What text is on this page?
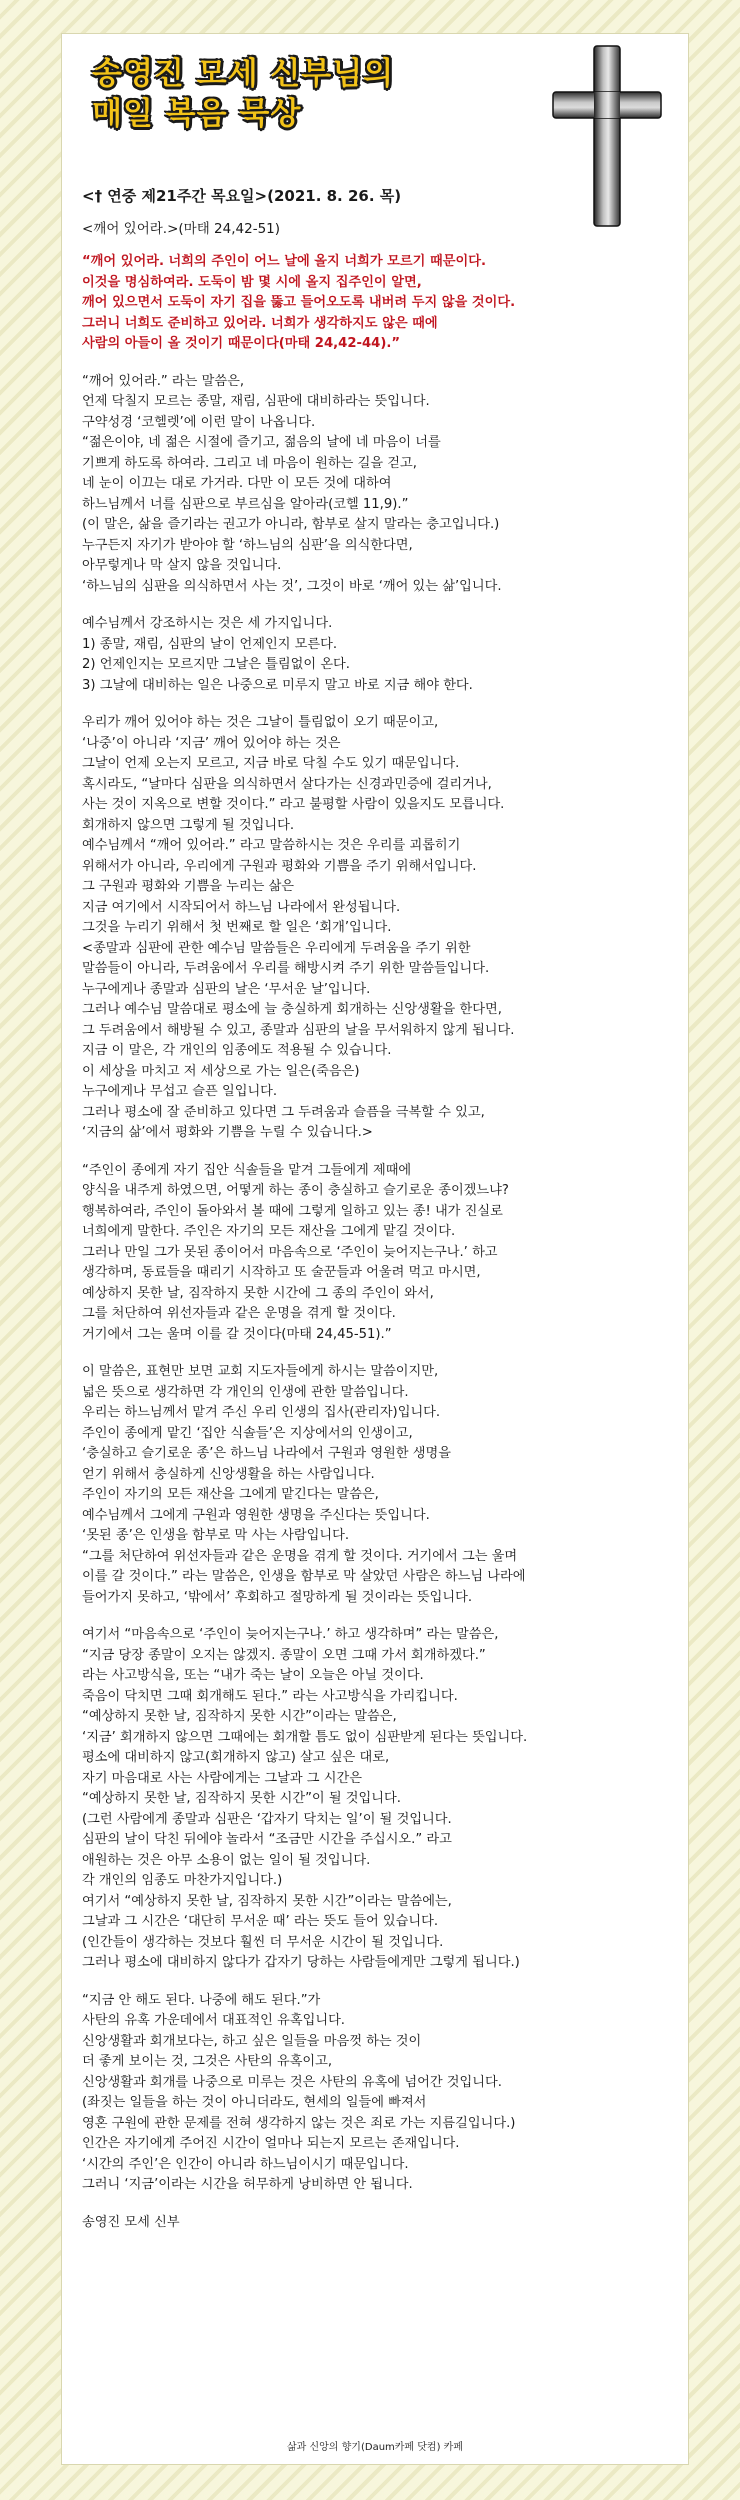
송영진 모세 신부님의
매일 복음 묵상
<† 연중 제21주간 목요일>(2021. 8. 26. 목)
<깨어 있어라.>(마태 24,42-51)
“깨어 있어라. 너희의 주인이 어느 날에 올지 너희가 모르기 때문이다.
이것을 명심하여라. 도둑이 밤 몇 시에 올지 집주인이 알면,
깨어 있으면서 도둑이 자기 집을 뚫고 들어오도록 내버려 두지 않을 것이다.
그러니 너희도 준비하고 있어라. 너희가 생각하지도 않은 때에
사람의 아들이 올 것이기 때문이다(마태 24,42-44).”
“깨어 있어라.” 라는 말씀은,
언제 닥칠지 모르는 종말, 재림, 심판에 대비하라는 뜻입니다.
구약성경 ‘코헬렛’에 이런 말이 나옵니다.
“젊은이야, 네 젊은 시절에 즐기고, 젊음의 날에 네 마음이 너를
기쁘게 하도록 하여라. 그리고 네 마음이 원하는 길을 걷고,
네 눈이 이끄는 대로 가거라. 다만 이 모든 것에 대하여
하느님께서 너를 심판으로 부르심을 알아라(코헬 11,9).”
(이 말은, 삶을 즐기라는 권고가 아니라, 함부로 살지 말라는 충고입니다.)
누구든지 자기가 받아야 할 ‘하느님의 심판’을 의식한다면,
아무렇게나 막 살지 않을 것입니다.
‘하느님의 심판을 의식하면서 사는 것’, 그것이 바로 ‘깨어 있는 삶’입니다.
예수님께서 강조하시는 것은 세 가지입니다.
1) 종말, 재림, 심판의 날이 언제인지 모른다.
2) 언제인지는 모르지만 그날은 틀림없이 온다.
3) 그날에 대비하는 일은 나중으로 미루지 말고 바로 지금 해야 한다.
우리가 깨어 있어야 하는 것은 그날이 틀림없이 오기 때문이고,
‘나중’이 아니라 ‘지금’ 깨어 있어야 하는 것은
그날이 언제 오는지 모르고, 지금 바로 닥칠 수도 있기 때문입니다.
혹시라도, “날마다 심판을 의식하면서 살다가는 신경과민증에 걸리거나,
사는 것이 지옥으로 변할 것이다.” 라고 불평할 사람이 있을지도 모릅니다.
회개하지 않으면 그렇게 될 것입니다.
예수님께서 “깨어 있어라.” 라고 말씀하시는 것은 우리를 괴롭히기
위해서가 아니라, 우리에게 구원과 평화와 기쁨을 주기 위해서입니다.
그 구원과 평화와 기쁨을 누리는 삶은
지금 여기에서 시작되어서 하느님 나라에서 완성됩니다.
그것을 누리기 위해서 첫 번째로 할 일은 ‘회개’입니다.
<종말과 심판에 관한 예수님 말씀들은 우리에게 두려움을 주기 위한
말씀들이 아니라, 두려움에서 우리를 해방시켜 주기 위한 말씀들입니다.
누구에게나 종말과 심판의 날은 ‘무서운 날’입니다.
그러나 예수님 말씀대로 평소에 늘 충실하게 회개하는 신앙생활을 한다면,
그 두려움에서 해방될 수 있고, 종말과 심판의 날을 무서워하지 않게 됩니다.
지금 이 말은, 각 개인의 임종에도 적용될 수 있습니다.
이 세상을 마치고 저 세상으로 가는 일은(죽음은)
누구에게나 무섭고 슬픈 일입니다.
그러나 평소에 잘 준비하고 있다면 그 두려움과 슬픔을 극복할 수 있고,
‘지금의 삶’에서 평화와 기쁨을 누릴 수 있습니다.>
“주인이 종에게 자기 집안 식솔들을 맡겨 그들에게 제때에
양식을 내주게 하였으면, 어떻게 하는 종이 충실하고 슬기로운 종이겠느냐?
행복하여라, 주인이 돌아와서 볼 때에 그렇게 일하고 있는 종! 내가 진실로
너희에게 말한다. 주인은 자기의 모든 재산을 그에게 맡길 것이다.
그러나 만일 그가 못된 종이어서 마음속으로 ‘주인이 늦어지는구나.’ 하고
생각하며, 동료들을 때리기 시작하고 또 술꾼들과 어울려 먹고 마시면,
예상하지 못한 날, 짐작하지 못한 시간에 그 종의 주인이 와서,
그를 처단하여 위선자들과 같은 운명을 겪게 할 것이다.
거기에서 그는 울며 이를 갈 것이다(마태 24,45-51).”
이 말씀은, 표현만 보면 교회 지도자들에게 하시는 말씀이지만,
넓은 뜻으로 생각하면 각 개인의 인생에 관한 말씀입니다.
우리는 하느님께서 맡겨 주신 우리 인생의 집사(관리자)입니다.
주인이 종에게 맡긴 ‘집안 식솔들’은 지상에서의 인생이고,
‘충실하고 슬기로운 종’은 하느님 나라에서 구원과 영원한 생명을
얻기 위해서 충실하게 신앙생활을 하는 사람입니다.
주인이 자기의 모든 재산을 그에게 맡긴다는 말씀은,
예수님께서 그에게 구원과 영원한 생명을 주신다는 뜻입니다.
‘못된 종’은 인생을 함부로 막 사는 사람입니다.
“그를 처단하여 위선자들과 같은 운명을 겪게 할 것이다. 거기에서 그는 울며
이를 갈 것이다.” 라는 말씀은, 인생을 함부로 막 살았던 사람은 하느님 나라에
들어가지 못하고, ‘밖에서’ 후회하고 절망하게 될 것이라는 뜻입니다.
여기서 “마음속으로 ‘주인이 늦어지는구나.’ 하고 생각하며” 라는 말씀은,
“지금 당장 종말이 오지는 않겠지. 종말이 오면 그때 가서 회개하겠다.”
라는 사고방식을, 또는 “내가 죽는 날이 오늘은 아닐 것이다.
죽음이 닥치면 그때 회개해도 된다.” 라는 사고방식을 가리킵니다.
“예상하지 못한 날, 짐작하지 못한 시간”이라는 말씀은,
‘지금’ 회개하지 않으면 그때에는 회개할 틈도 없이 심판받게 된다는 뜻입니다.
평소에 대비하지 않고(회개하지 않고) 살고 싶은 대로,
자기 마음대로 사는 사람에게는 그날과 그 시간은
“예상하지 못한 날, 짐작하지 못한 시간”이 될 것입니다.
(그런 사람에게 종말과 심판은 ‘갑자기 닥치는 일’이 될 것입니다.
심판의 날이 닥친 뒤에야 놀라서 “조금만 시간을 주십시오.” 라고
애원하는 것은 아무 소용이 없는 일이 될 것입니다.
각 개인의 임종도 마찬가지입니다.)
여기서 “예상하지 못한 날, 짐작하지 못한 시간”이라는 말씀에는,
그날과 그 시간은 ‘대단히 무서운 때’ 라는 뜻도 들어 있습니다.
(인간들이 생각하는 것보다 훨씬 더 무서운 시간이 될 것입니다.
그러나 평소에 대비하지 않다가 갑자기 당하는 사람들에게만 그렇게 됩니다.)
“지금 안 해도 된다. 나중에 해도 된다.”가
사탄의 유혹 가운데에서 대표적인 유혹입니다.
신앙생활과 회개보다는, 하고 싶은 일들을 마음껏 하는 것이
더 좋게 보이는 것, 그것은 사탄의 유혹이고,
신앙생활과 회개를 나중으로 미루는 것은 사탄의 유혹에 넘어간 것입니다.
(좌짓는 일들을 하는 것이 아니더라도, 현세의 일들에 빠져서
영혼 구원에 관한 문제를 전혀 생각하지 않는 것은 죄로 가는 지름길입니다.)
인간은 자기에게 주어진 시간이 얼마나 되는지 모르는 존재입니다.
‘시간의 주인’은 인간이 아니라 하느님이시기 때문입니다.
그러니 ‘지금’이라는 시간을 허무하게 낭비하면 안 됩니다.
송영진 모세 신부
삶과 신앙의 향기(Daum카페 닷컴) 카페
